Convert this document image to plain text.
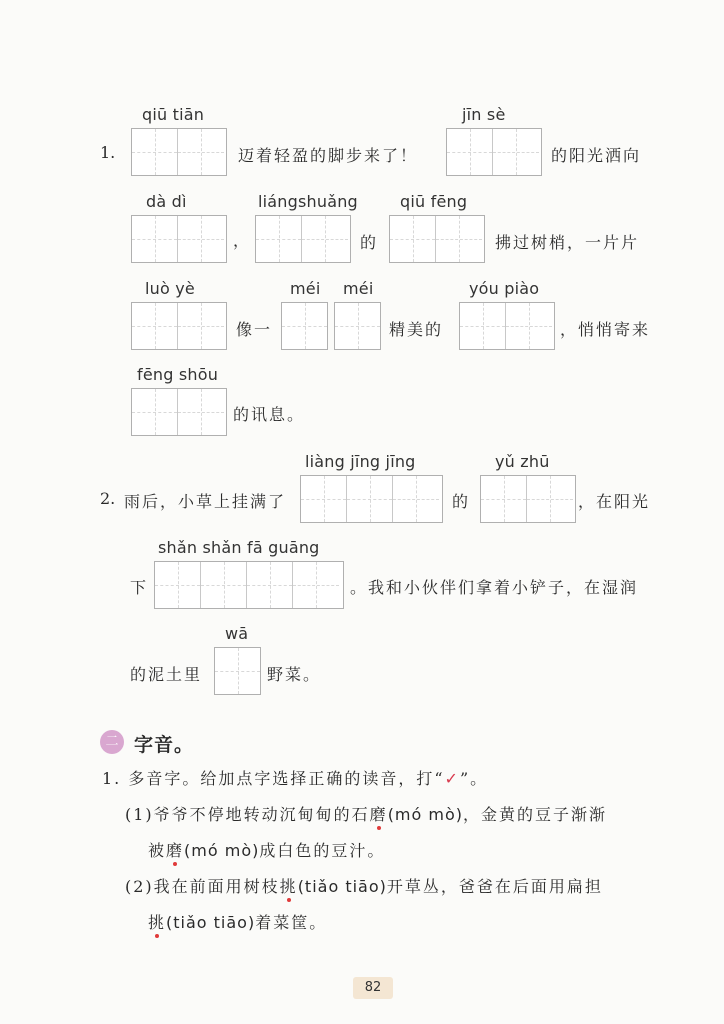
1.
qiū tiān
迈着轻盈的脚步来了！
jīn sè
的阳光洒向
dà dì
，
liángshuǎng
的
qiū fēng
拂过树梢，一片片
luò yè
像一
méi méi
精美的
yóu piào
，悄悄寄来
fēng shōu
的讯息。
2. 雨后，小草上挂满了
liàng jīng jīng
的
yǔ zhū
，在阳光
下
shǎn shǎn fā guāng
。我和小伙伴们拿着小铲子，在湿润
的泥土里
wā
野菜。
二 字音。
1. 多音字。给加点字选择正确的读音，打“✓”。
(1)爷爷不停地转动沉甸甸的石磨(mó mò)，金黄的豆子渐渐
被磨(mó mò)成白色的豆汁。
(2)我在前面用树枝挑(tiǎo tiāo)开草丛，爸爸在后面用扁担
挑(tiǎo tiāo)着菜筐。
82
